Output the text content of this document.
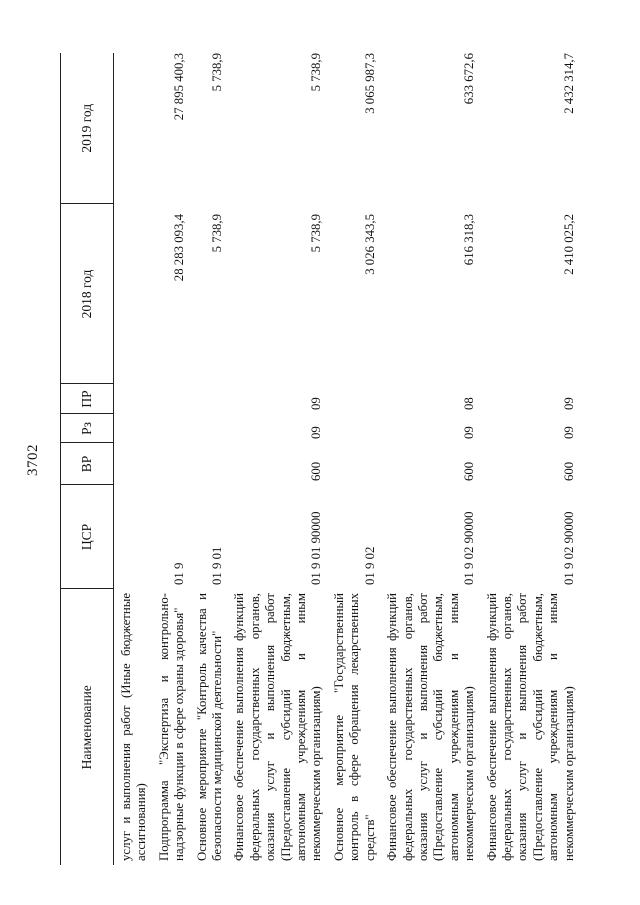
3702
Наименование	ЦСР	ВР	Рз	ПР	2018 год	2019 год
услуг и выполнения работ (Иные бюджетные ассигнования)						
Подпрограмма "Экспертиза и контрольно-надзорные функции в сфере охраны здоровья"	01 9				28 283 093,4	27 895 400,3
Основное мероприятие "Контроль качества и безопасности медицинской деятельности"	01 9 01				5 738,9	5 738,9
Финансовое обеспечение выполнения функций федеральных государственных органов, оказания услуг и выполнения работ (Предоставление субсидий бюджетным, автономным учреждениям и иным некоммерческим организациям)	01 9 01 90000	600	09	09	5 738,9	5 738,9
Основное мероприятие "Государственный контроль в сфере обращения лекарственных средств"	01 9 02				3 026 343,5	3 065 987,3
Финансовое обеспечение выполнения функций федеральных государственных органов, оказания услуг и выполнения работ (Предоставление субсидий бюджетным, автономным учреждениям и иным некоммерческим организациям)	01 9 02 90000	600	09	08	616 318,3	633 672,6
Финансовое обеспечение выполнения функций федеральных государственных органов, оказания услуг и выполнения работ (Предоставление субсидий бюджетным, автономным учреждениям и иным некоммерческим организациям)	01 9 02 90000	600	09	09	2 410 025,2	2 432 314,7
